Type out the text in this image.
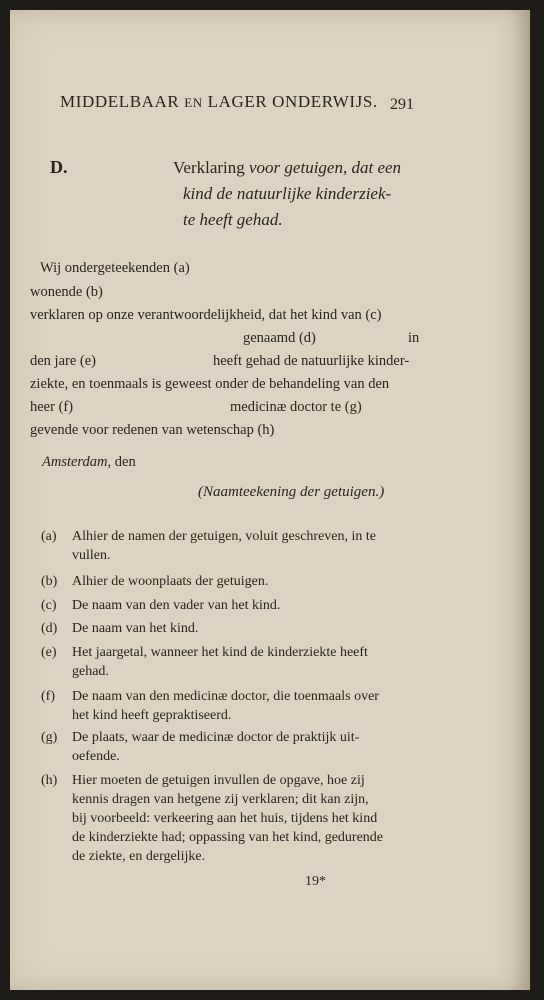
MIDDELBAAR EN LAGER ONDERWIJS. 291
D.	Verklaring voor getuigen, dat een
kind de natuurlijke kinderziek-
te heeft gehad.
Wij ondergeteekenden (a)
wonende (b)
verklaren op onze verantwoordelijkheid, dat het kind van (c)
genaamd (d)	in
den jare (e)	heeft gehad de natuurlijke kinder-
ziekte, en toenmaals is geweest onder de behandeling van den
heer (f)	medicinæ doctor te (g)
gevende voor redenen van wetenschap (h)
Amsterdam, den
(Naamteekening der getuigen.)
(a) Alhier de namen der getuigen, voluit geschreven, in te
vullen.
(b) Alhier de woonplaats der getuigen.
(c) De naam van den vader van het kind.
(d) De naam van het kind.
(e) Het jaargetal, wanneer het kind de kinderziekte heeft
gehad.
(f) De naam van den medicinæ doctor, die toenmaals over
het kind heeft gepraktiseerd.
(g) De plaats, waar de medicinæ doctor de praktijk uit-
oefende.
(h) Hier moeten de getuigen invullen de opgave, hoe zij
kennis dragen van hetgene zij verklaren; dit kan zijn,
bij voorbeeld: verkeering aan het huis, tijdens het kind
de kinderziekte had; oppassing van het kind, gedurende
de ziekte, en dergelijke.
19*
